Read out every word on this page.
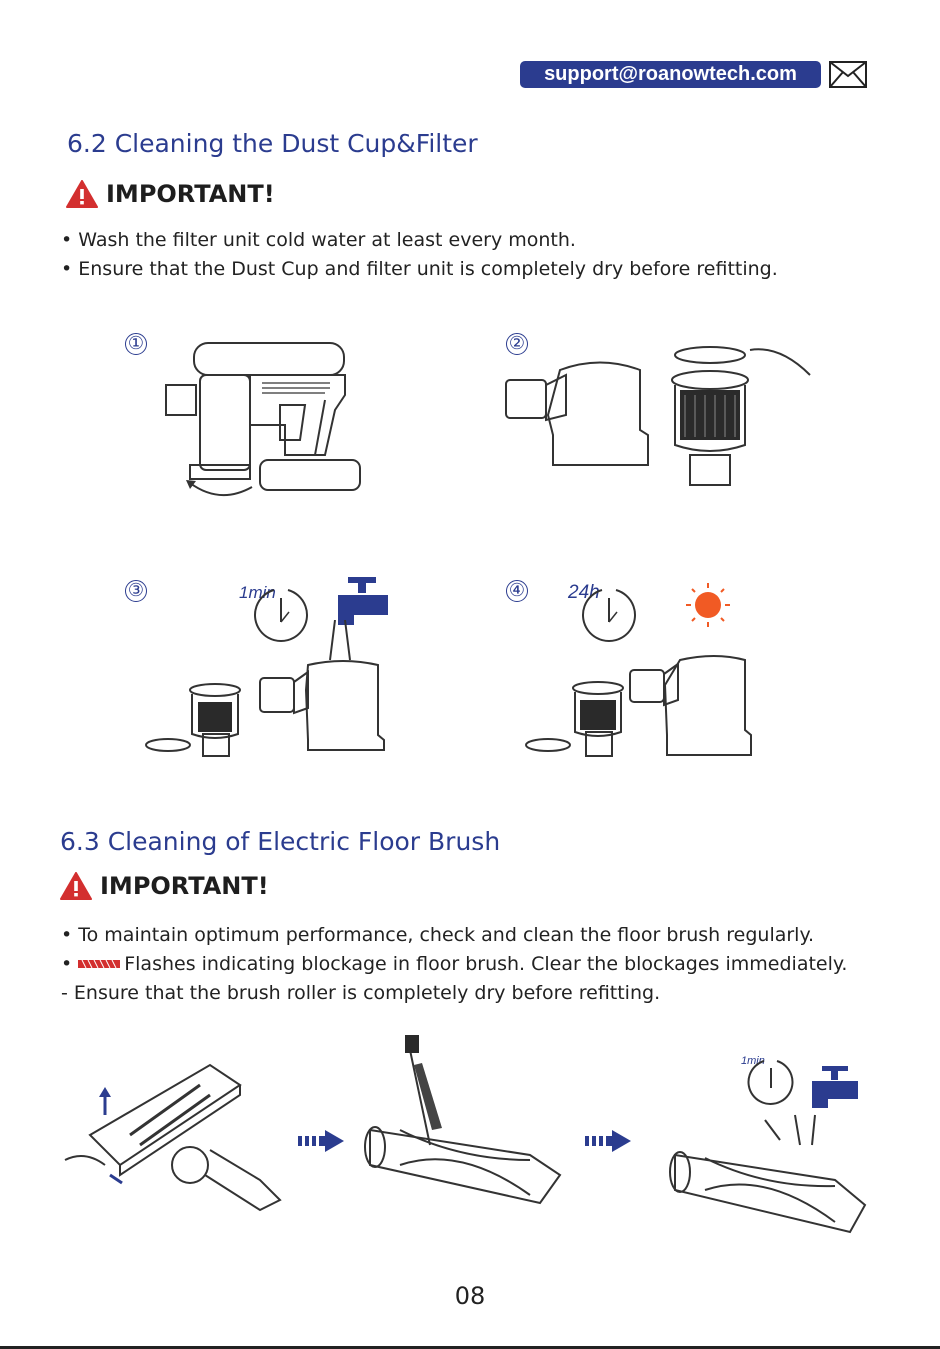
support@roanowtech.com
6.2 Cleaning the Dust Cup&Filter
IMPORTANT!
• Wash the filter unit cold water at least every month.
• Ensure that the Dust Cup and filter unit is completely dry before refitting.
①	②
③	1min	④ 24h
6.3 Cleaning of Electric Floor Brush
IMPORTANT!
• To maintain optimum performance, check and clean the floor brush regularly.
•	Flashes indicating blockage in floor brush. Clear the blockages immediately.
- Ensure that the brush roller is completely dry before refitting.
1min
08
